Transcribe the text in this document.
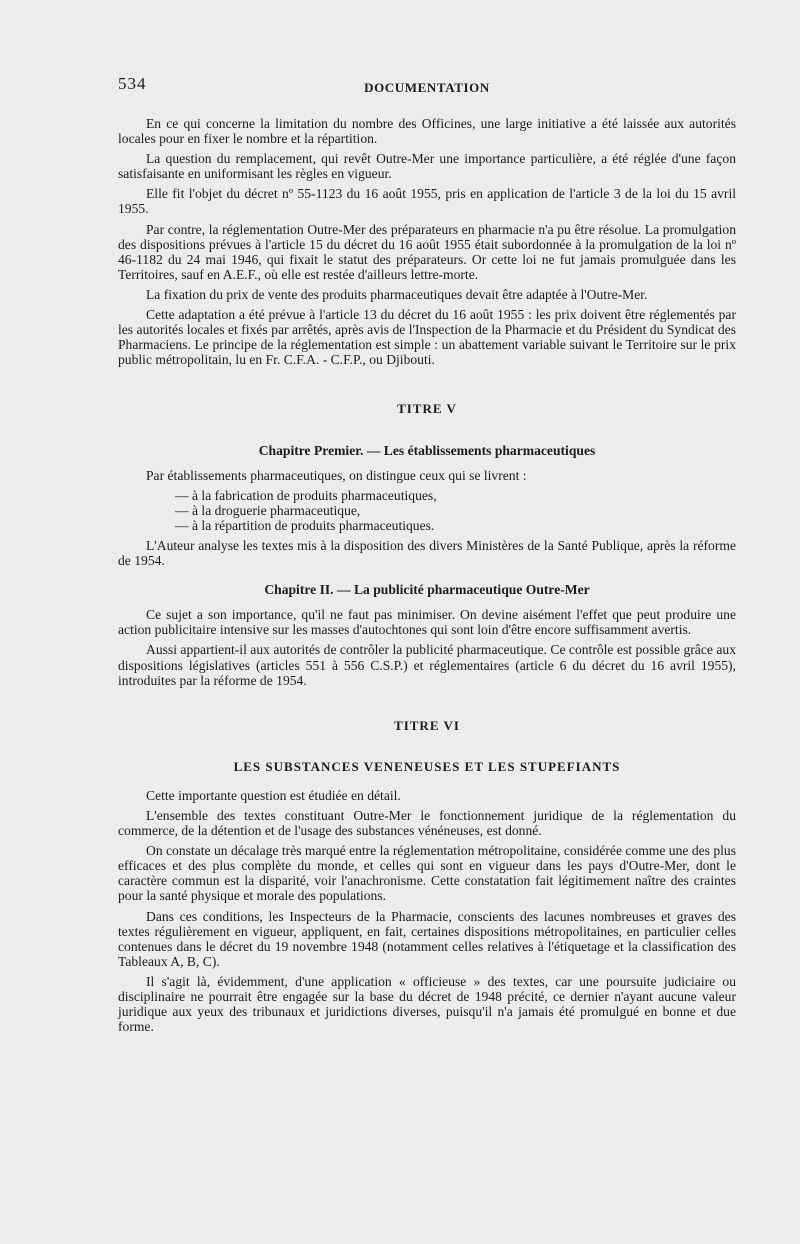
534	DOCUMENTATION

En ce qui concerne la limitation du nombre des Officines, une large initiative a été laissée aux autorités locales pour en fixer le nombre et la répartition.

La question du remplacement, qui revêt Outre-Mer une importance particulière, a été réglée d'une façon satisfaisante en uniformisant les règles en vigueur.

Elle fit l'objet du décret nº 55-1123 du 16 août 1955, pris en application de l'article 3 de la loi du 15 avril 1955.

Par contre, la réglementation Outre-Mer des préparateurs en pharmacie n'a pu être résolue. La promulgation des dispositions prévues à l'article 15 du décret du 16 août 1955 était subordonnée à la promulgation de la loi nº 46-1182 du 24 mai 1946, qui fixait le statut des préparateurs. Or cette loi ne fut jamais promulguée dans les Territoires, sauf en A.E.F., où elle est restée d'ailleurs lettre-morte.

La fixation du prix de vente des produits pharmaceutiques devait être adaptée à l'Outre-Mer.

Cette adaptation a été prévue à l'article 13 du décret du 16 août 1955 : les prix doivent être réglementés par les autorités locales et fixés par arrêtés, après avis de l'Inspection de la Pharmacie et du Président du Syndicat des Pharmaciens. Le principe de la réglementation est simple : un abattement variable suivant le Territoire sur le prix public métropolitain, lu en Fr. C.F.A. - C.F.P., ou Djibouti.

TITRE V
Chapitre Premier. — Les établissements pharmaceutiques

Par établissements pharmaceutiques, on distingue ceux qui se livrent :

— à la fabrication de produits pharmaceutiques,
— à la droguerie pharmaceutique,
— à la répartition de produits pharmaceutiques.

L'Auteur analyse les textes mis à la disposition des divers Ministères de la Santé Publique, après la réforme de 1954.

Chapitre II. — La publicité pharmaceutique Outre-Mer

Ce sujet a son importance, qu'il ne faut pas minimiser. On devine aisément l'effet que peut produire une action publicitaire intensive sur les masses d'autochtones qui sont loin d'être encore suffisamment avertis.

Aussi appartient-il aux autorités de contrôler la publicité pharmaceutique. Ce contrôle est possible grâce aux dispositions législatives (articles 551 à 556 C.S.P.) et réglementaires (article 6 du décret du 16 avril 1955), introduites par la réforme de 1954.

TITRE VI
LES SUBSTANCES VENENEUSES ET LES STUPEFIANTS

Cette importante question est étudiée en détail.

L'ensemble des textes constituant Outre-Mer le fonctionnement juridique de la réglementation du commerce, de la détention et de l'usage des substances vénéneuses, est donné.

On constate un décalage très marqué entre la réglementation métropolitaine, considérée comme une des plus efficaces et des plus complète du monde, et celles qui sont en vigueur dans les pays d'Outre-Mer, dont le caractère commun est la disparité, voir l'anachronisme. Cette constatation fait légitimement naître des craintes pour la santé physique et morale des populations.

Dans ces conditions, les Inspecteurs de la Pharmacie, conscients des lacunes nombreuses et graves des textes régulièrement en vigueur, appliquent, en fait, certaines dispositions métropolitaines, en particulier celles contenues dans le décret du 19 novembre 1948 (notamment celles relatives à l'étiquetage et la classification des Tableaux A, B, C).

Il s'agit là, évidemment, d'une application « officieuse » des textes, car une poursuite judiciaire ou disciplinaire ne pourrait être engagée sur la base du décret de 1948 précité, ce dernier n'ayant aucune valeur juridique aux yeux des tribunaux et juridictions diverses, puisqu'il n'a jamais été promulgué en bonne et due forme.
